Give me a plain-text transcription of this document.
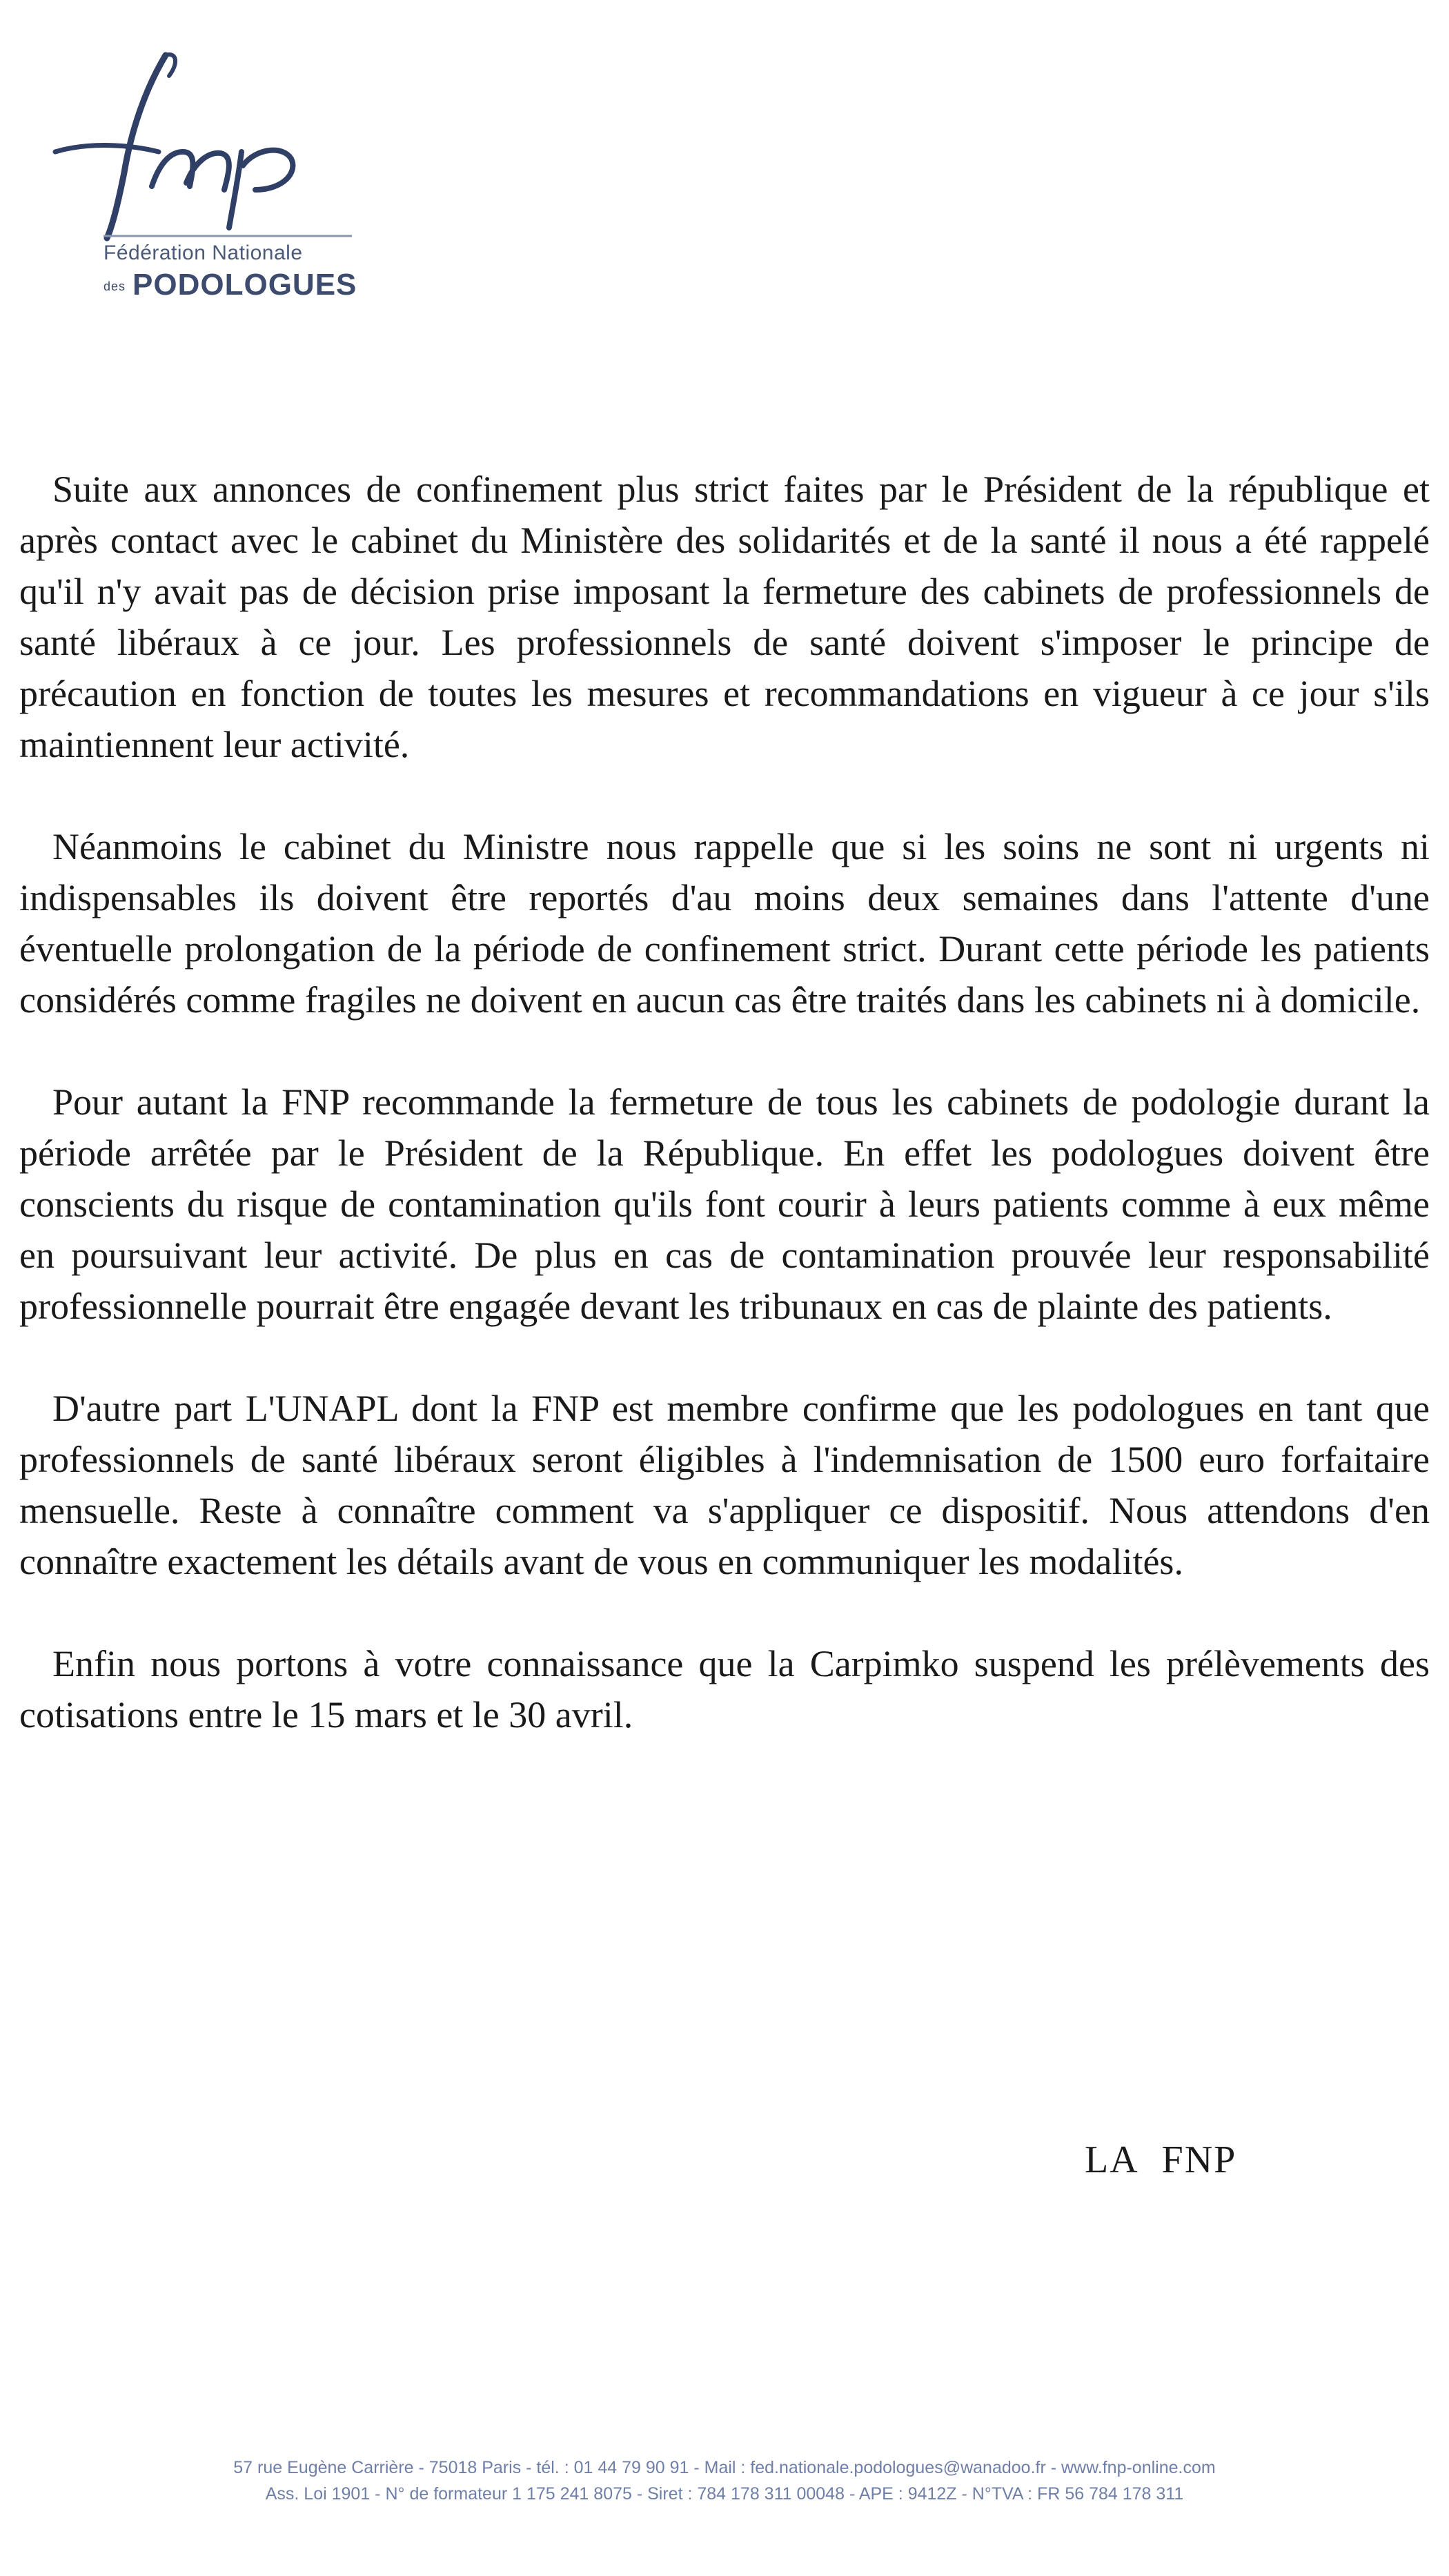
Fédération Nationale
des PODOLOGUES

Suite aux annonces de confinement plus strict faites par le Président de la république et après contact avec le cabinet du Ministère des solidarités et de la santé il nous a été rappelé qu'il n'y avait pas de décision prise imposant la fermeture des cabinets de professionnels de santé libéraux à ce jour. Les professionnels de santé doivent s'imposer le principe de précaution en fonction de toutes les mesures et recommandations en vigueur à ce jour s'ils maintiennent leur activité.

Néanmoins le cabinet du Ministre nous rappelle que si les soins ne sont ni urgents ni indispensables ils doivent être reportés d'au moins deux semaines dans l'attente d'une éventuelle prolongation de la période de confinement strict. Durant cette période les patients considérés comme fragiles ne doivent en aucun cas être traités dans les cabinets ni à domicile.

Pour autant la FNP recommande la fermeture de tous les cabinets de podologie durant la période arrêtée par le Président de la République. En effet les podologues doivent être conscients du risque de contamination qu'ils font courir à leurs patients comme à eux même en poursuivant leur activité. De plus en cas de contamination prouvée leur responsabilité professionnelle pourrait être engagée devant les tribunaux en cas de plainte des patients.

D'autre part L'UNAPL dont la FNP est membre confirme que les podologues en tant que professionnels de santé libéraux seront éligibles à l'indemnisation de 1500 euro forfaitaire mensuelle. Reste à connaître comment va s'appliquer ce dispositif. Nous attendons d'en connaître exactement les détails avant de vous en communiquer les modalités.

Enfin nous portons à votre connaissance que la Carpimko suspend les prélèvements des cotisations entre le 15 mars et le 30 avril.

LA FNP
57 rue Eugène Carrière - 75018 Paris - tél. : 01 44 79 90 91 - Mail : fed.nationale.podologues@wanadoo.fr - www.fnp-online.com
Ass. Loi 1901 - N° de formateur 1 175 241 8075 - Siret : 784 178 311 00048 - APE : 9412Z - N°TVA : FR 56 784 178 311
